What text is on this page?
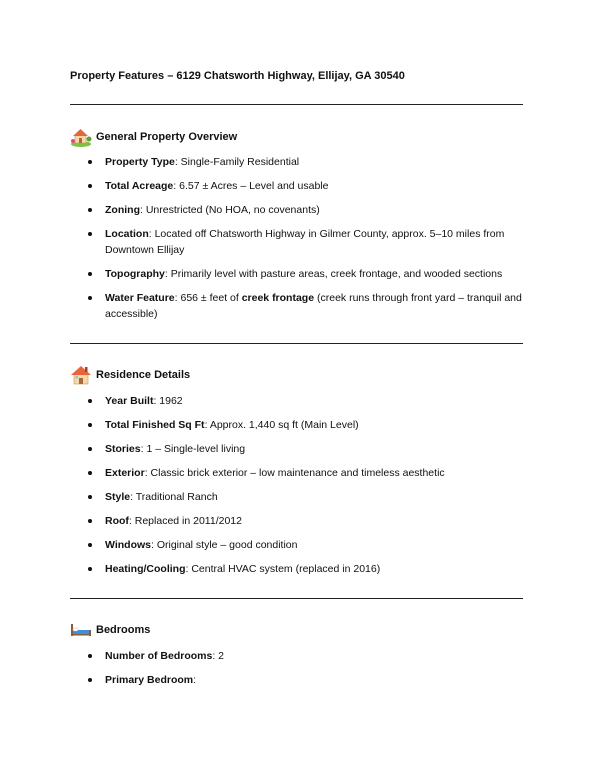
Property Features – 6129 Chatsworth Highway, Ellijay, GA 30540
General Property Overview
Property Type: Single-Family Residential
Total Acreage: 6.57 ± Acres – Level and usable
Zoning: Unrestricted (No HOA, no covenants)
Location: Located off Chatsworth Highway in Gilmer County, approx. 5–10 miles from Downtown Ellijay
Topography: Primarily level with pasture areas, creek frontage, and wooded sections
Water Feature: 656 ± feet of creek frontage (creek runs through front yard – tranquil and accessible)
Residence Details
Year Built: 1962
Total Finished Sq Ft: Approx. 1,440 sq ft (Main Level)
Stories: 1 – Single-level living
Exterior: Classic brick exterior – low maintenance and timeless aesthetic
Style: Traditional Ranch
Roof: Replaced in 2011/2012
Windows: Original style – good condition
Heating/Cooling: Central HVAC system (replaced in 2016)
Bedrooms
Number of Bedrooms: 2
Primary Bedroom:
